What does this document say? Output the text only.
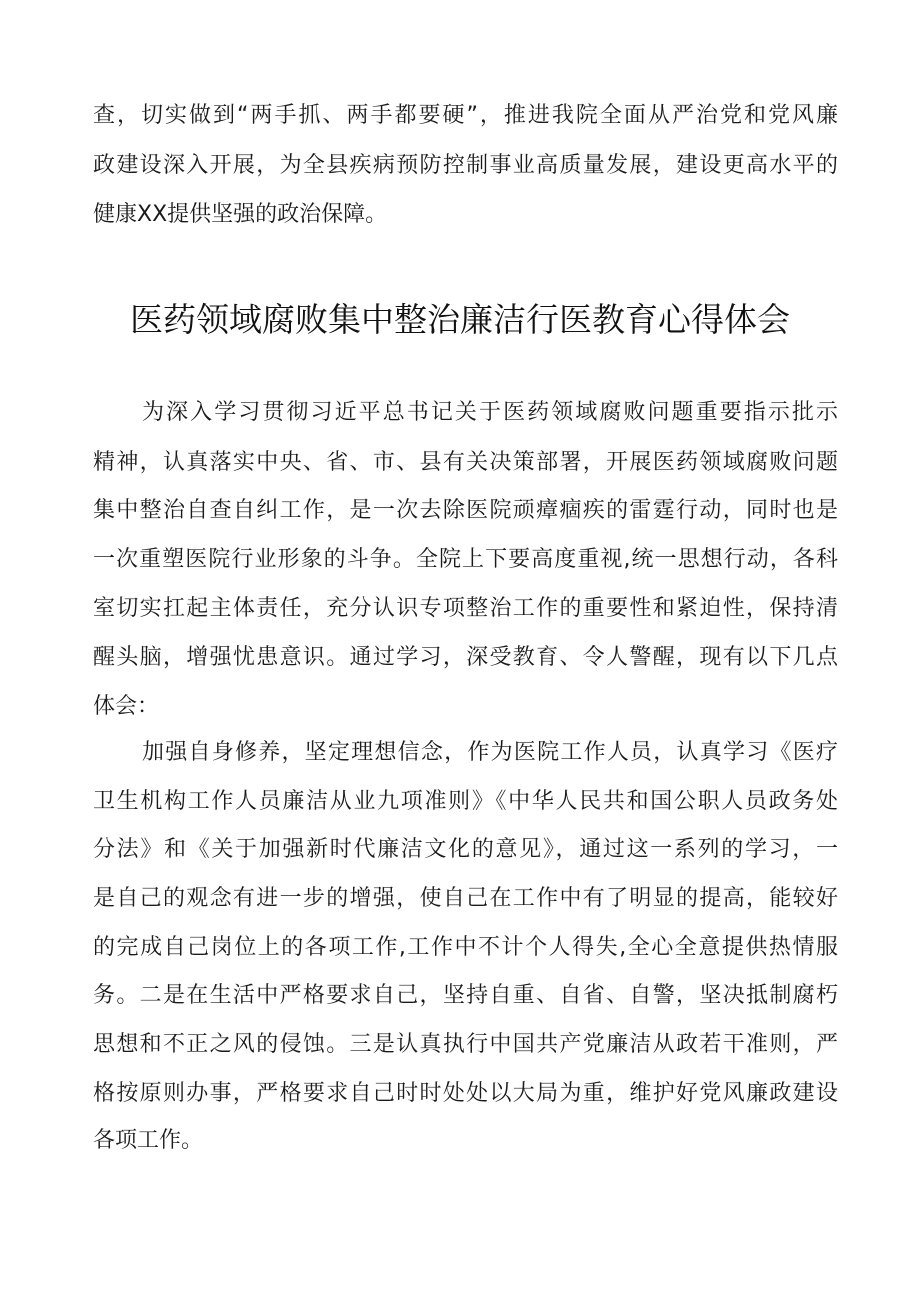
查，切实做到“两手抓、两手都要硬”，推进我院全面从严治党和党风廉
政建设深入开展，为全县疾病预防控制事业高质量发展，建设更高水平的
健康XX提供坚强的政治保障。
医药领域腐败集中整治廉洁行医教育心得体会
为深入学习贯彻习近平总书记关于医药领域腐败问题重要指示批示
精神，认真落实中央、省、市、县有关决策部署，开展医药领域腐败问题
集中整治自查自纠工作，是一次去除医院顽瘴痼疾的雷霆行动，同时也是
一次重塑医院行业形象的斗争。全院上下要高度重视,统一思想行动，各科
室切实扛起主体责任，充分认识专项整治工作的重要性和紧迫性，保持清
醒头脑，增强忧患意识。通过学习，深受教育、令人警醒，现有以下几点
体会：
加强自身修养，坚定理想信念，作为医院工作人员，认真学习《医疗
卫生机构工作人员廉洁从业九项准则》《中华人民共和国公职人员政务处
分法》和《关于加强新时代廉洁文化的意见》，通过这一系列的学习，一
是自己的观念有进一步的增强，使自己在工作中有了明显的提高，能较好
的完成自己岗位上的各项工作,工作中不计个人得失,全心全意提供热情服
务。二是在生活中严格要求自己，坚持自重、自省、自警，坚决抵制腐朽
思想和不正之风的侵蚀。三是认真执行中国共产党廉洁从政若干准则，严
格按原则办事，严格要求自己时时处处以大局为重，维护好党风廉政建设
各项工作。
